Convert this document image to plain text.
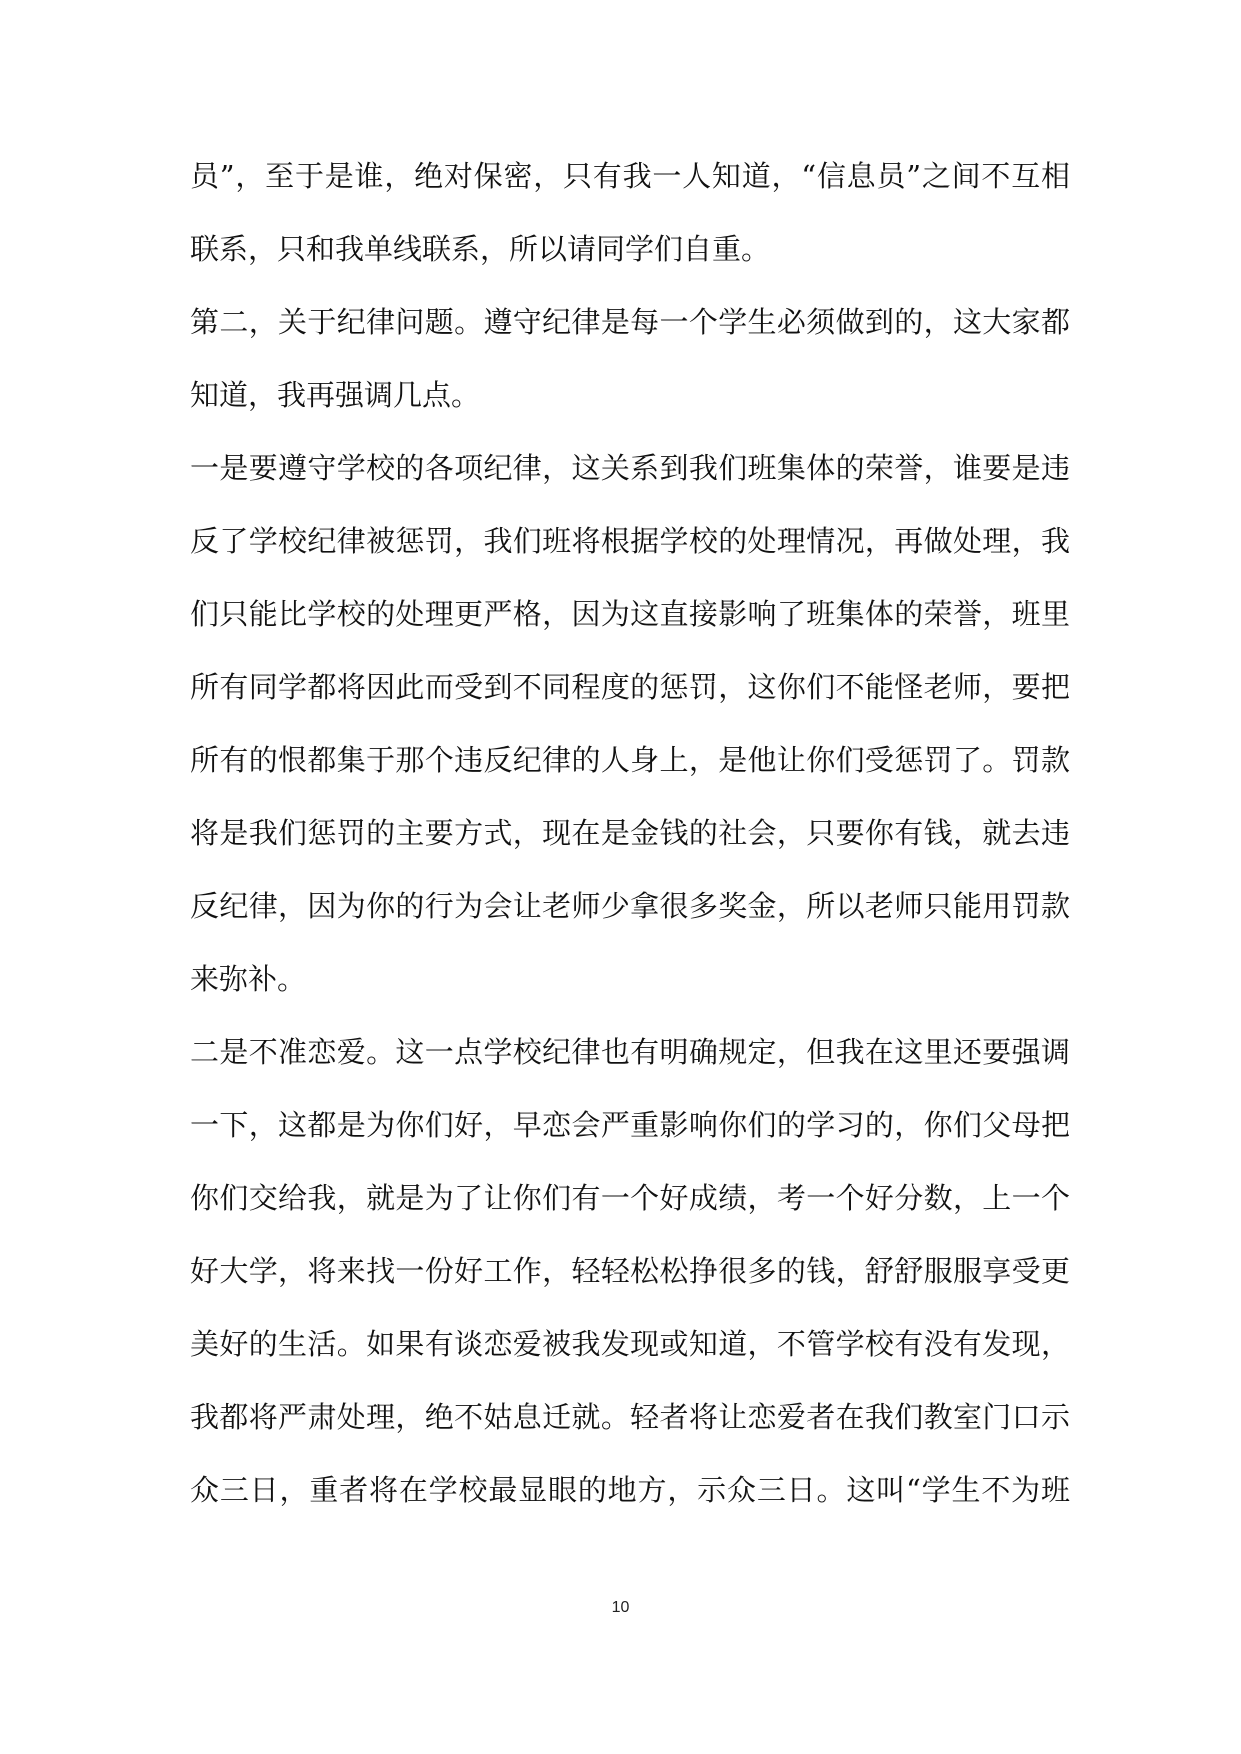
员”，至于是谁，绝对保密，只有我一人知道，“信息员”之间不互相
联系，只和我单线联系，所以请同学们自重。
第二，关于纪律问题。遵守纪律是每一个学生必须做到的，这大家都
知道，我再强调几点。
一是要遵守学校的各项纪律，这关系到我们班集体的荣誉，谁要是违
反了学校纪律被惩罚，我们班将根据学校的处理情况，再做处理，我
们只能比学校的处理更严格，因为这直接影响了班集体的荣誉，班里
所有同学都将因此而受到不同程度的惩罚，这你们不能怪老师，要把
所有的恨都集于那个违反纪律的人身上，是他让你们受惩罚了。罚款
将是我们惩罚的主要方式，现在是金钱的社会，只要你有钱，就去违
反纪律，因为你的行为会让老师少拿很多奖金，所以老师只能用罚款
来弥补。
二是不准恋爱。这一点学校纪律也有明确规定，但我在这里还要强调
一下，这都是为你们好，早恋会严重影响你们的学习的，你们父母把
你们交给我，就是为了让你们有一个好成绩，考一个好分数，上一个
好大学，将来找一份好工作，轻轻松松挣很多的钱，舒舒服服享受更
美好的生活。如果有谈恋爱被我发现或知道，不管学校有没有发现，
我都将严肃处理，绝不姑息迁就。轻者将让恋爱者在我们教室门口示
众三日，重者将在学校最显眼的地方，示众三日。这叫“学生不为班
10
